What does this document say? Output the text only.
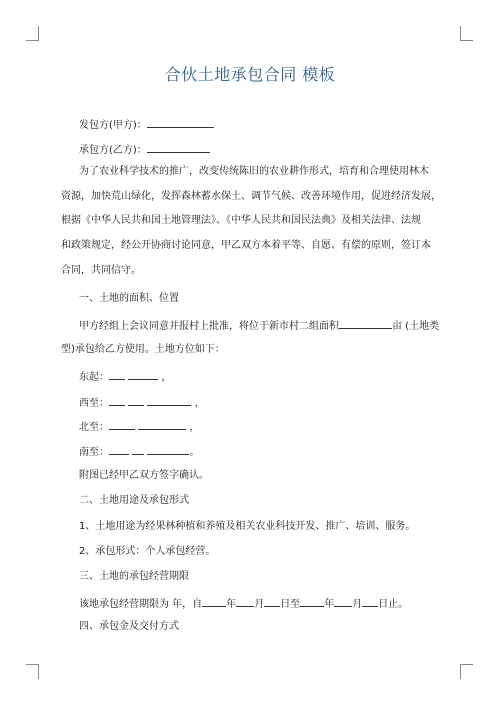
合伙土地承包合同 模板
发包方(甲方)：
承包方(乙方)：
为了农业科学技术的推广，改变传统陈旧的农业耕作形式，培育和合理使用林木
资源，加快荒山绿化，发挥森林蓄水保土、调节气候、改善环境作用，促进经济发展，
根据《中华人民共和国土地管理法》、《中华人民共和国民法典》及相关法律、法规
和政策规定，经公开协商讨论同意，甲乙双方本着平等、自愿、有偿的原则，签订本
合同，共同信守。
一、土地的面积、位置
甲方经组上会议同意并报村上批准，将位于新市村二组面积	亩 (土地类
型)承包给乙方使用。土地方位如下：
东起：	，
西至：	，
北至：	，
南至：	。
附图已经甲乙双方签字确认。
二、土地用途及承包形式
1、土地用途为经果林种植和养殖及相关农业科技开发、推广、培训、服务。
2、承包形式：个人承包经营。
三、土地的承包经营期限
该地承包经营期限为 年，自 年 月 日至 年 月 日止。
四、承包金及交付方式
